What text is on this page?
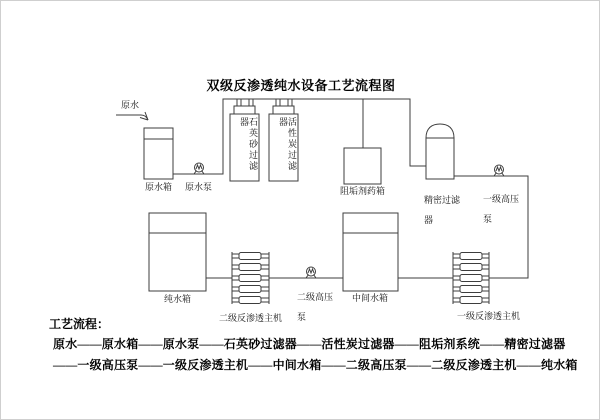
双级反渗透纯水设备工艺流程图
原水
原水箱 原水泵
石英砂过滤器	活性炭过滤器
阻垢剂药箱

精密过滤

器

一级高压

泵

一级反渗透主机
中间水箱

二级高压

泵

二级反渗透主机
纯水箱
工艺流程：
原水——原水箱——原水泵——石英砂过滤器——活性炭过滤器——阻垢剂系统——精密过滤器
——一级高压泵——一级反渗透主机——中间水箱——二级高压泵——二级反渗透主机——纯水箱
